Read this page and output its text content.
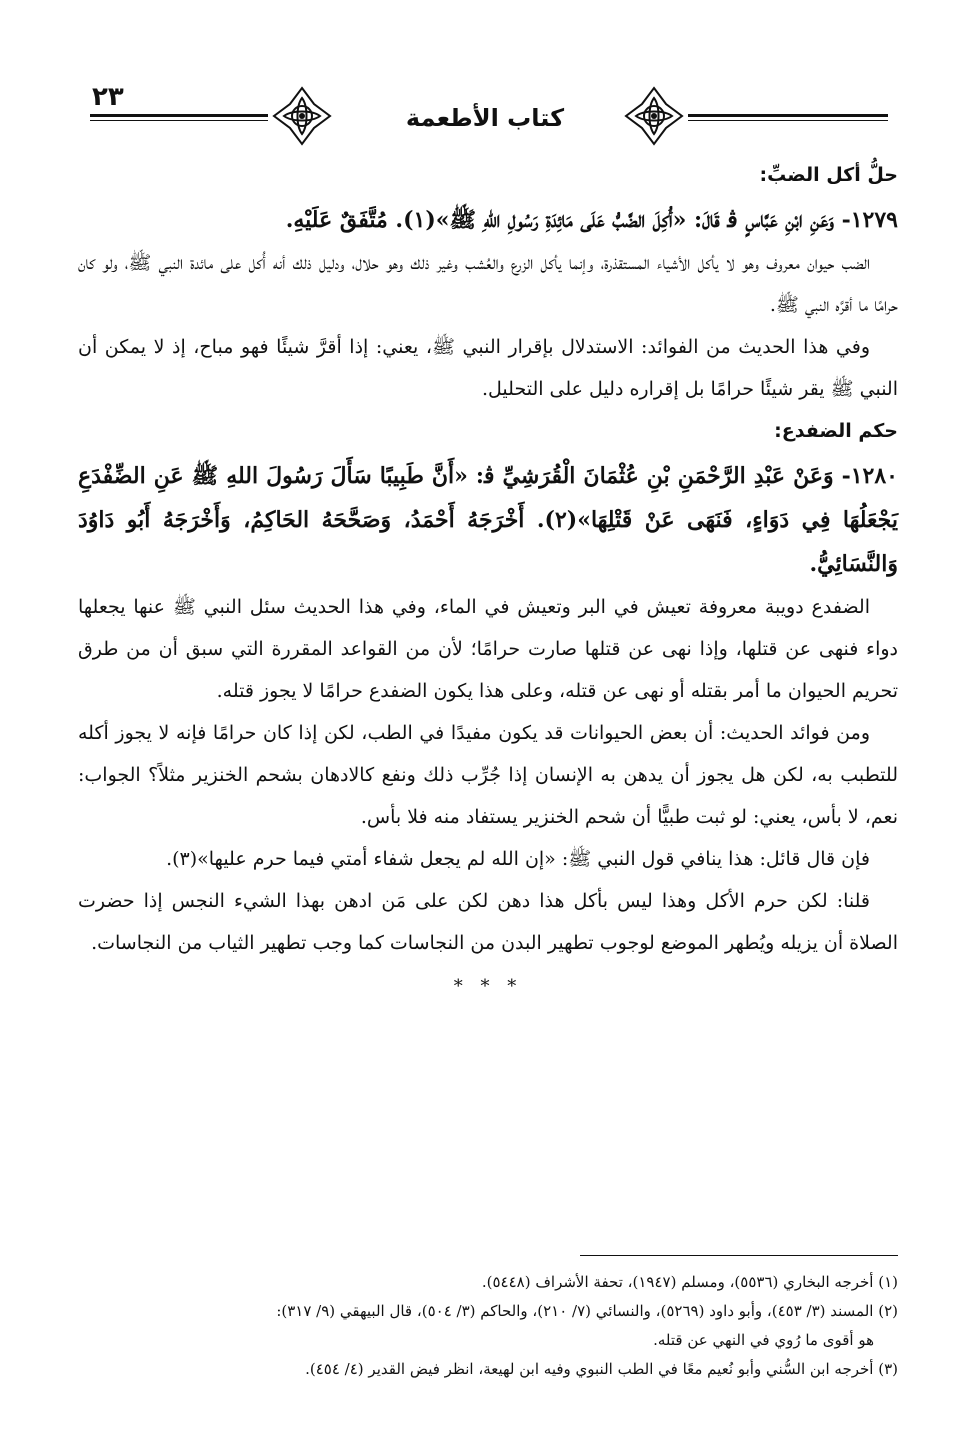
٢٣
كتاب الأطعمة
حلُّ أكل الضبِّ:

١٢٧٩- وَعَنِ ابْنِ عَبَّاسٍ ﭬ قَالَ: «أُكِلَ الضَّبُّ عَلَى مَائِدَةِ رَسُولِ اللهِ ﷺ»(١). مُتَّفَقٌ عَلَيْهِ.

الضب حيوان معروف وهو لا يأكل الأشياء المستقذرة، وإنما يأكل الزرع والعُشب وغير ذلك وهو حلال، ودليل ذلك أنه أُكل على مائدة النبي ﷺ، ولو كان حرامًا ما أقرَّه النبي ﷺ.

وفي هذا الحديث من الفوائد: الاستدلال بإقرار النبي ﷺ، يعني: إذا أقرَّ شيئًا فهو مباح، إذ لا يمكن أن النبي ﷺ يقر شيئًا حرامًا بل إقراره دليل على التحليل.

حكم الضفدع:

١٢٨٠- وَعَنْ عَبْدِ الرَّحْمَنِ بْنِ عُثْمَانَ الْقُرَشِيِّ ﭬ: «أَنَّ طَبِيبًا سَأَلَ رَسُولَ اللهِ ﷺ عَنِ الضِّفْدَعِ يَجْعَلُهَا فِي دَوَاءٍ، فَنَهَى عَنْ قَتْلِهَا»(٢). أَخْرَجَهُ أَحْمَدُ، وَصَحَّحَهُ الحَاكِمُ، وَأَخْرَجَهُ أَبُو دَاوُدَ وَالنَّسَائِيُّ.

الضفدع دويبة معروفة تعيش في البر وتعيش في الماء، وفي هذا الحديث سئل النبي ﷺ عنها يجعلها دواء فنهى عن قتلها، وإذا نهى عن قتلها صارت حرامًا؛ لأن من القواعد المقررة التي سبق أن من طرق تحريم الحيوان ما أمر بقتله أو نهى عن قتله، وعلى هذا يكون الضفدع حرامًا لا يجوز قتله.

ومن فوائد الحديث: أن بعض الحيوانات قد يكون مفيدًا في الطب، لكن إذا كان حرامًا فإنه لا يجوز أكله للتطبب به، لكن هل يجوز أن يدهن به الإنسان إذا جُرِّب ذلك ونفع كالادهان بشحم الخنزير مثلاً؟ الجواب: نعم، لا بأس، يعني: لو ثبت طبيًّا أن شحم الخنزير يستفاد منه فلا بأس.

فإن قال قائل: هذا ينافي قول النبي ﷺ: «إن الله لم يجعل شفاء أمتي فيما حرم عليها»(٣).

قلنا: لكن حرم الأكل وهذا ليس بأكل هذا دهن لكن على مَن ادهن بهذا الشيء النجس إذا حضرت الصلاة أن يزيله ويُطهر الموضع لوجوب تطهير البدن من النجاسات كما وجب تطهير الثياب من النجاسات.

* * *

(١) أخرجه البخاري (٥٥٣٦)، ومسلم (١٩٤٧)، تحفة الأشراف (٥٤٤٨).

(٢) المسند (٣/ ٤٥٣)، وأبو داود (٥٢٦٩)، والنسائي (٧/ ٢١٠)، والحاكم (٣/ ٥٠٤)، قال البيهقي (٩/ ٣١٧):

هو أقوى ما رُوي في النهي عن قتله.

(٣) أخرجه ابن السُّني وأبو نُعيم معًا في الطب النبوي وفيه ابن لهيعة، انظر فيض القدير (٤/ ٤٥٤).
